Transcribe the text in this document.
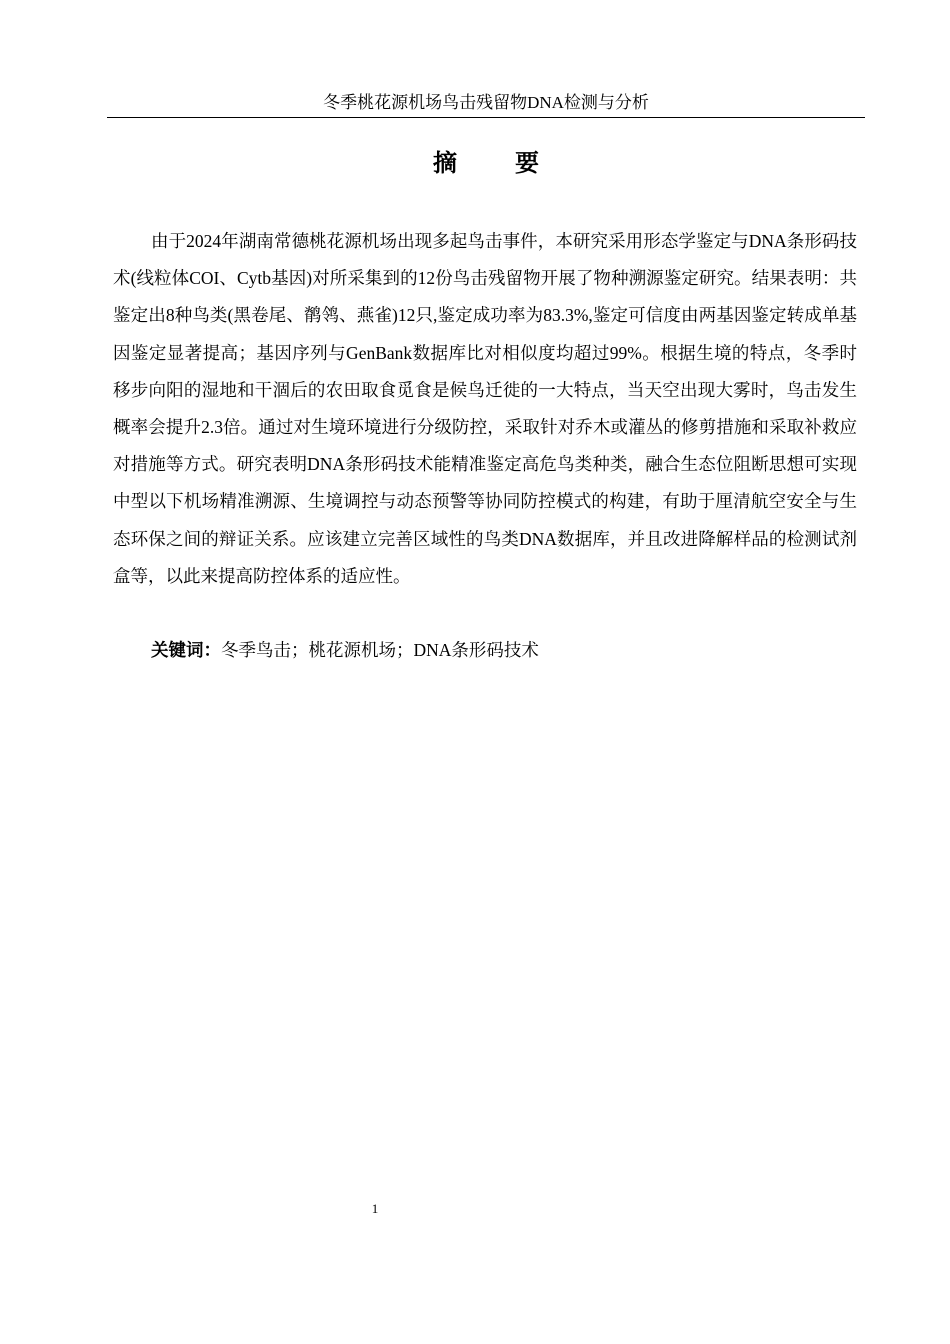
冬季桃花源机场鸟击残留物DNA检测与分析
摘要

由于2024年湖南常德桃花源机场出现多起鸟击事件，本研究采用形态学鉴定与DNA条形码技术(线粒体COI、Cytb基因)对所采集到的12份鸟击残留物开展了物种溯源鉴定研究。结果表明：共鉴定出8种鸟类(黑卷尾、鹡鸰、燕雀)12只,鉴定成功率为83.3%,鉴定可信度由两基因鉴定转成单基因鉴定显著提高；基因序列与GenBank数据库比对相似度均超过99%。根据生境的特点，冬季时移步向阳的湿地和干涸后的农田取食觅食是候鸟迁徙的一大特点，当天空出现大雾时，鸟击发生概率会提升2.3倍。通过对生境环境进行分级防控，采取针对乔木或灌丛的修剪措施和采取补救应对措施等方式。研究表明DNA条形码技术能精准鉴定高危鸟类种类，融合生态位阻断思想可实现中型以下机场精准溯源、生境调控与动态预警等协同防控模式的构建，有助于厘清航空安全与生态环保之间的辩证关系。应该建立完善区域性的鸟类DNA数据库，并且改进降解样品的检测试剂盒等，以此来提高防控体系的适应性。

关键词：冬季鸟击；桃花源机场；DNA条形码技术

1
